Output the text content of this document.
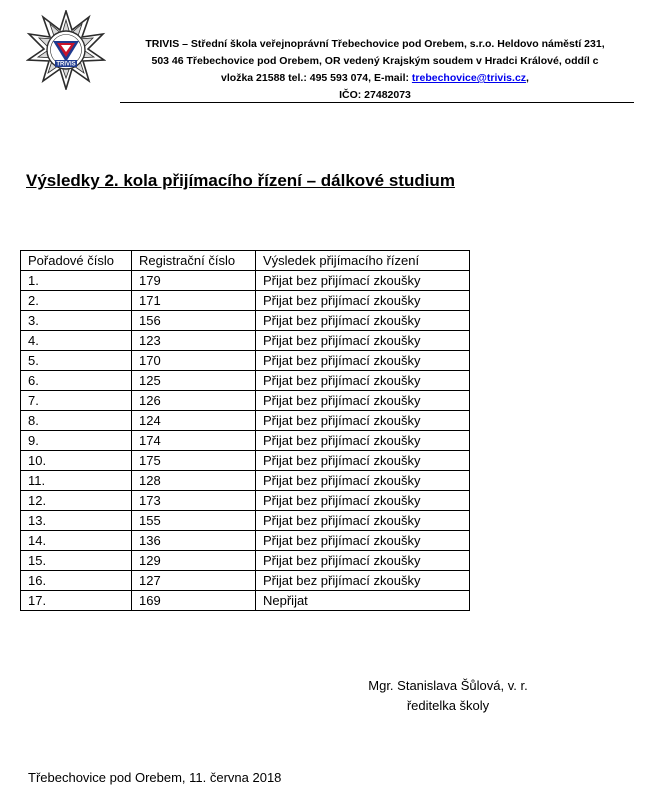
TRIVIS
TRIVIS – Střední škola veřejnoprávní Třebechovice pod Orebem, s.r.o. Heldovo náměstí 231,
503 46 Třebechovice pod Orebem, OR vedený Krajským soudem v Hradci Králové, oddíl c
vložka 21588 tel.: 495 593 074, E-mail: trebechovice@trivis.cz,
IČO: 27482073
Výsledky 2. kola přijímacího řízení – dálkové studium
Pořadové číslo	Registrační číslo	Výsledek přijímacího řízení
1.	179	Přijat bez přijímací zkoušky
2.	171	Přijat bez přijímací zkoušky
3.	156	Přijat bez přijímací zkoušky
4.	123	Přijat bez přijímací zkoušky
5.	170	Přijat bez přijímací zkoušky
6.	125	Přijat bez přijímací zkoušky
7.	126	Přijat bez přijímací zkoušky
8.	124	Přijat bez přijímací zkoušky
9.	174	Přijat bez přijímací zkoušky
10.	175	Přijat bez přijímací zkoušky
11.	128	Přijat bez přijímací zkoušky
12.	173	Přijat bez přijímací zkoušky
13.	155	Přijat bez přijímací zkoušky
14.	136	Přijat bez přijímací zkoušky
15.	129	Přijat bez přijímací zkoušky
16.	127	Přijat bez přijímací zkoušky
17.	169	Nepřijat
Mgr. Stanislava Šůlová, v. r.
ředitelka školy
Třebechovice pod Orebem, 11. června 2018
